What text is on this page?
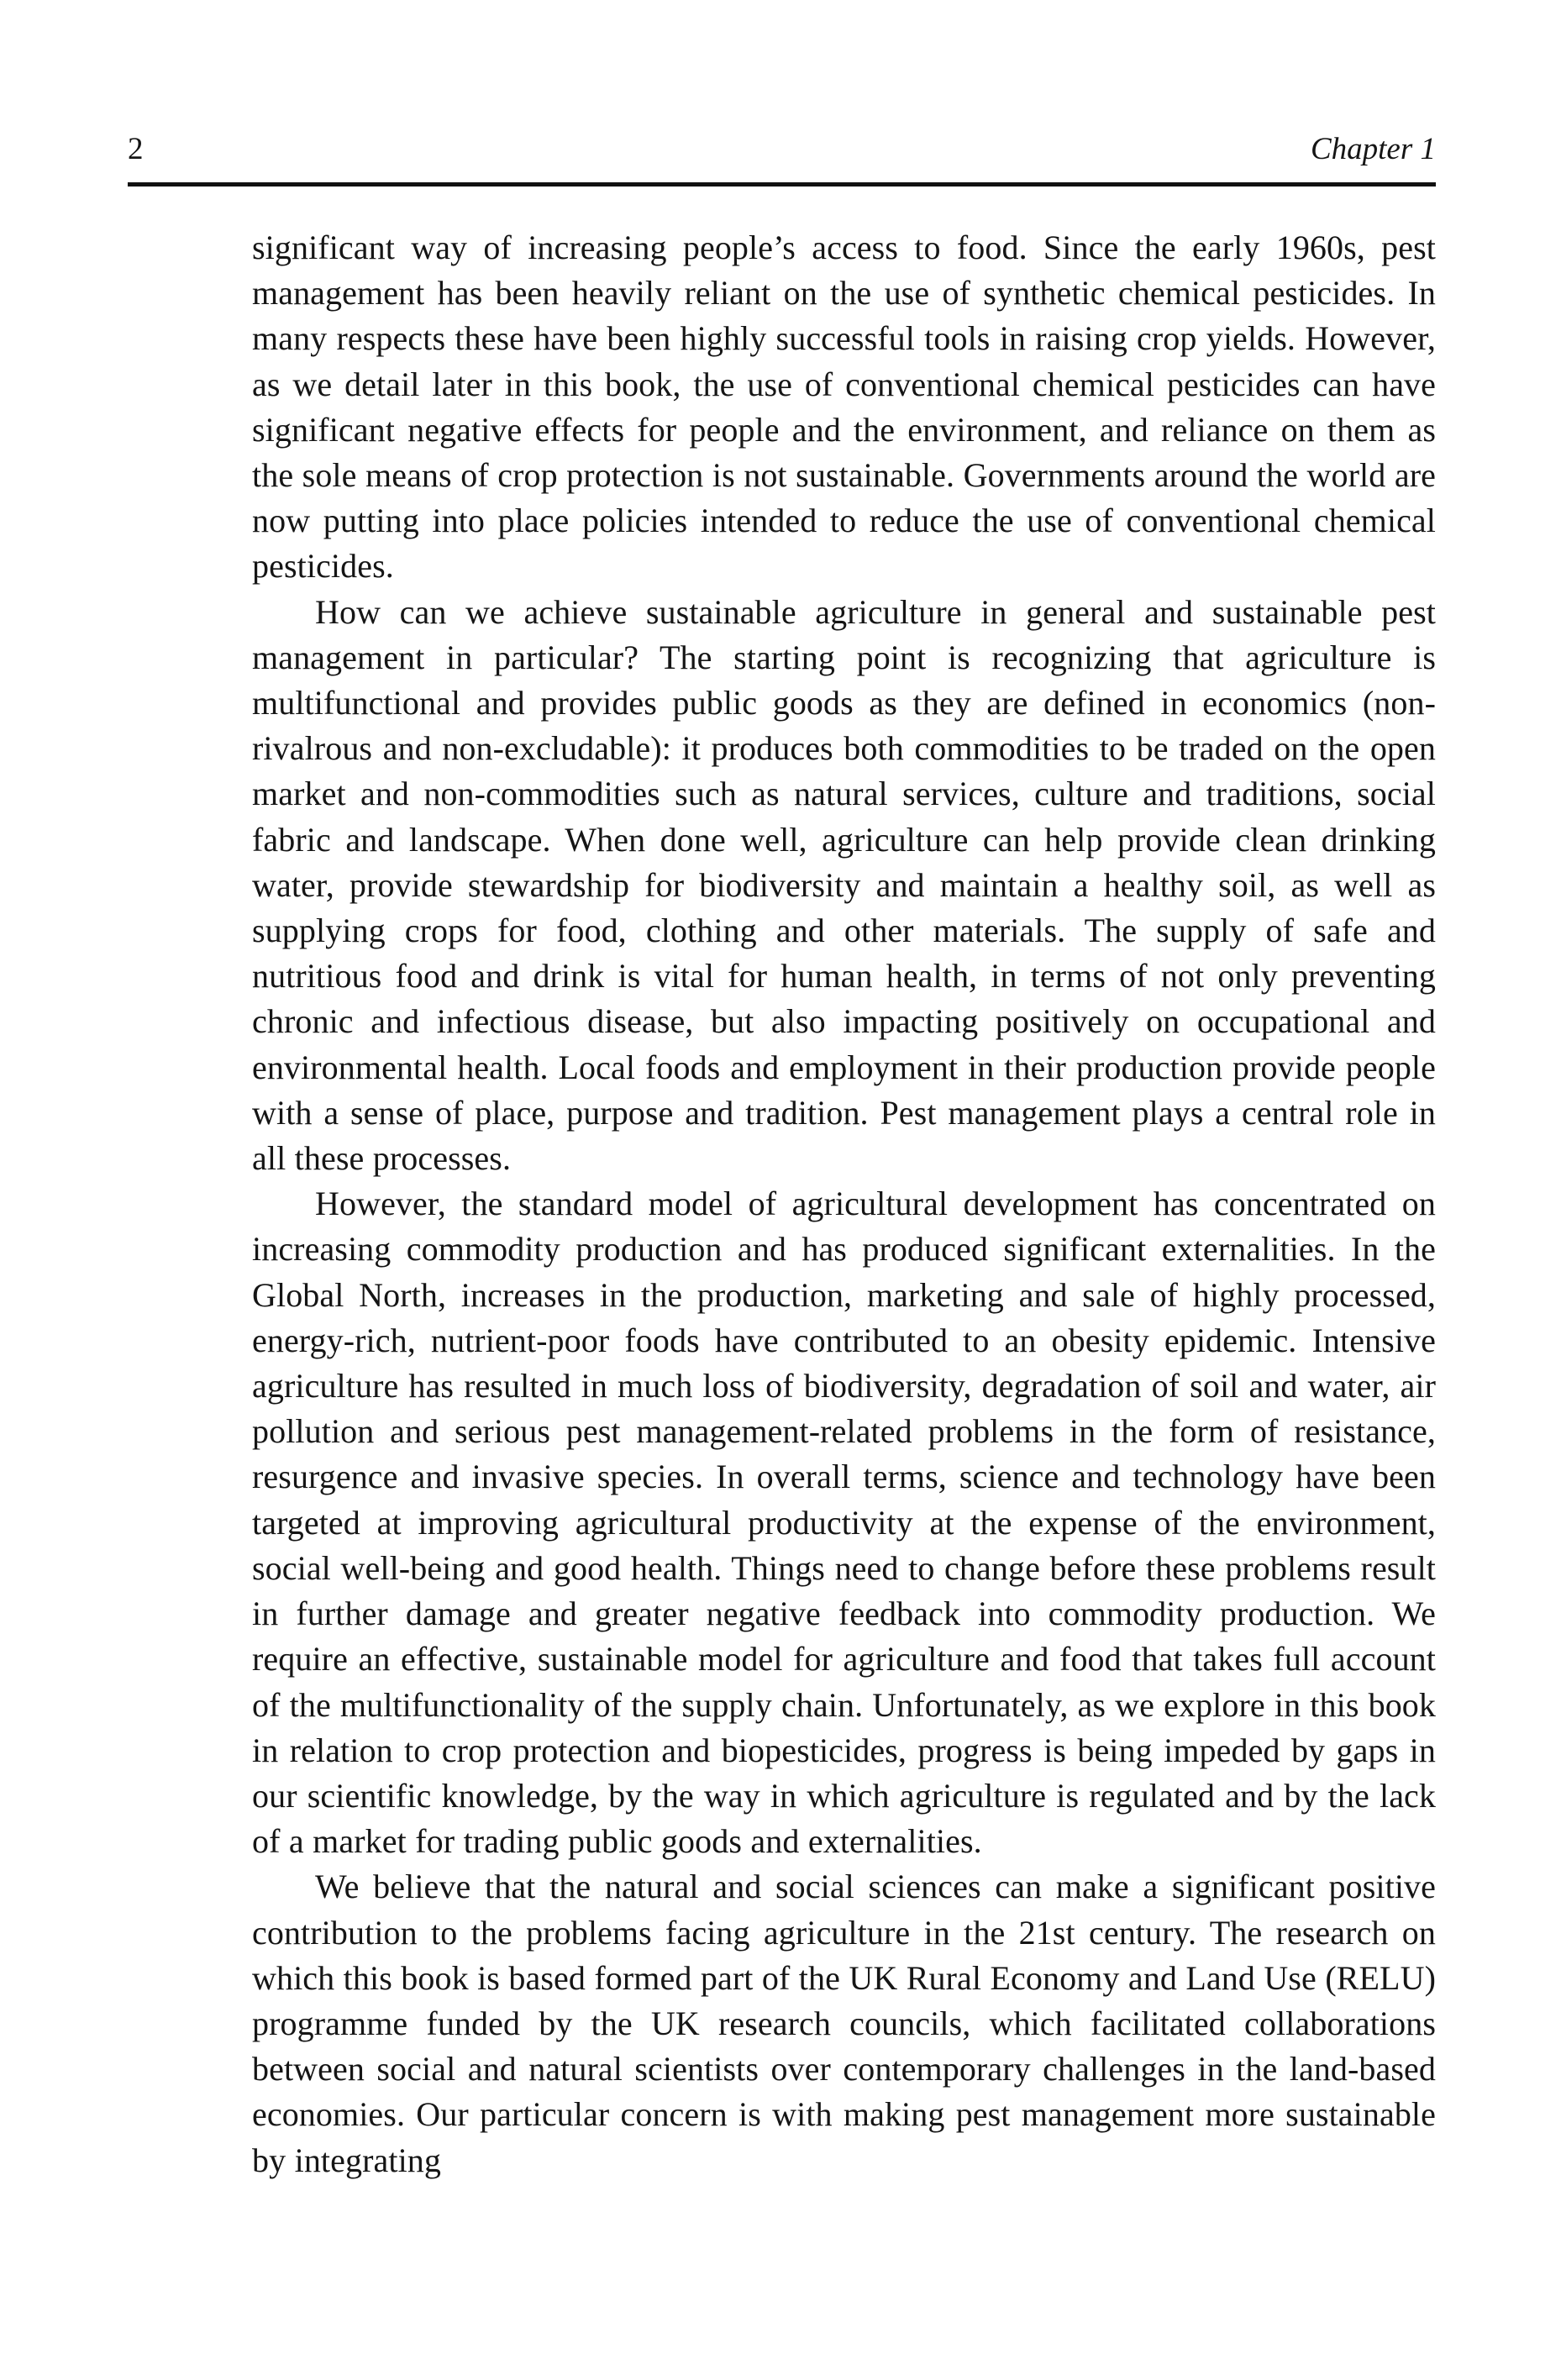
2	Chapter 1

significant way of increasing people’s access to food. Since the early 1960s, pest management has been heavily reliant on the use of synthetic chemical pesticides. In many respects these have been highly successful tools in raising crop yields. However, as we detail later in this book, the use of conventional chemical pesticides can have significant negative effects for people and the environment, and reliance on them as the sole means of crop protection is not sustainable. Governments around the world are now putting into place policies intended to reduce the use of conventional chemical pesticides.

How can we achieve sustainable agriculture in general and sustainable pest management in particular? The starting point is recognizing that agriculture is multifunctional and provides public goods as they are defined in economics (non-rivalrous and non-excludable): it produces both commodities to be traded on the open market and non-commodities such as natural services, culture and traditions, social fabric and landscape. When done well, agriculture can help provide clean drinking water, provide stewardship for biodiversity and maintain a healthy soil, as well as supplying crops for food, clothing and other materials. The supply of safe and nutritious food and drink is vital for human health, in terms of not only preventing chronic and infectious disease, but also impacting positively on occupational and environmental health. Local foods and employment in their production provide people with a sense of place, purpose and tradition. Pest management plays a central role in all these processes.

However, the standard model of agricultural development has concentrated on increasing commodity production and has produced significant externalities. In the Global North, increases in the production, marketing and sale of highly processed, energy-rich, nutrient-poor foods have contributed to an obesity epidemic. Intensive agriculture has resulted in much loss of biodiversity, degradation of soil and water, air pollution and serious pest management-related problems in the form of resistance, resurgence and invasive species. In overall terms, science and technology have been targeted at improving agricultural productivity at the expense of the environment, social well-being and good health. Things need to change before these problems result in further damage and greater negative feedback into commodity production. We require an effective, sustainable model for agriculture and food that takes full account of the multifunctionality of the supply chain. Unfortunately, as we explore in this book in relation to crop protection and biopesticides, progress is being impeded by gaps in our scientific knowledge, by the way in which agriculture is regulated and by the lack of a market for trading public goods and externalities.

We believe that the natural and social sciences can make a significant positive contribution to the problems facing agriculture in the 21st century. The research on which this book is based formed part of the UK Rural Economy and Land Use (RELU) programme funded by the UK research councils, which facilitated collaborations between social and natural scientists over contemporary challenges in the land-based economies. Our particular concern is with making pest management more sustainable by integrating
